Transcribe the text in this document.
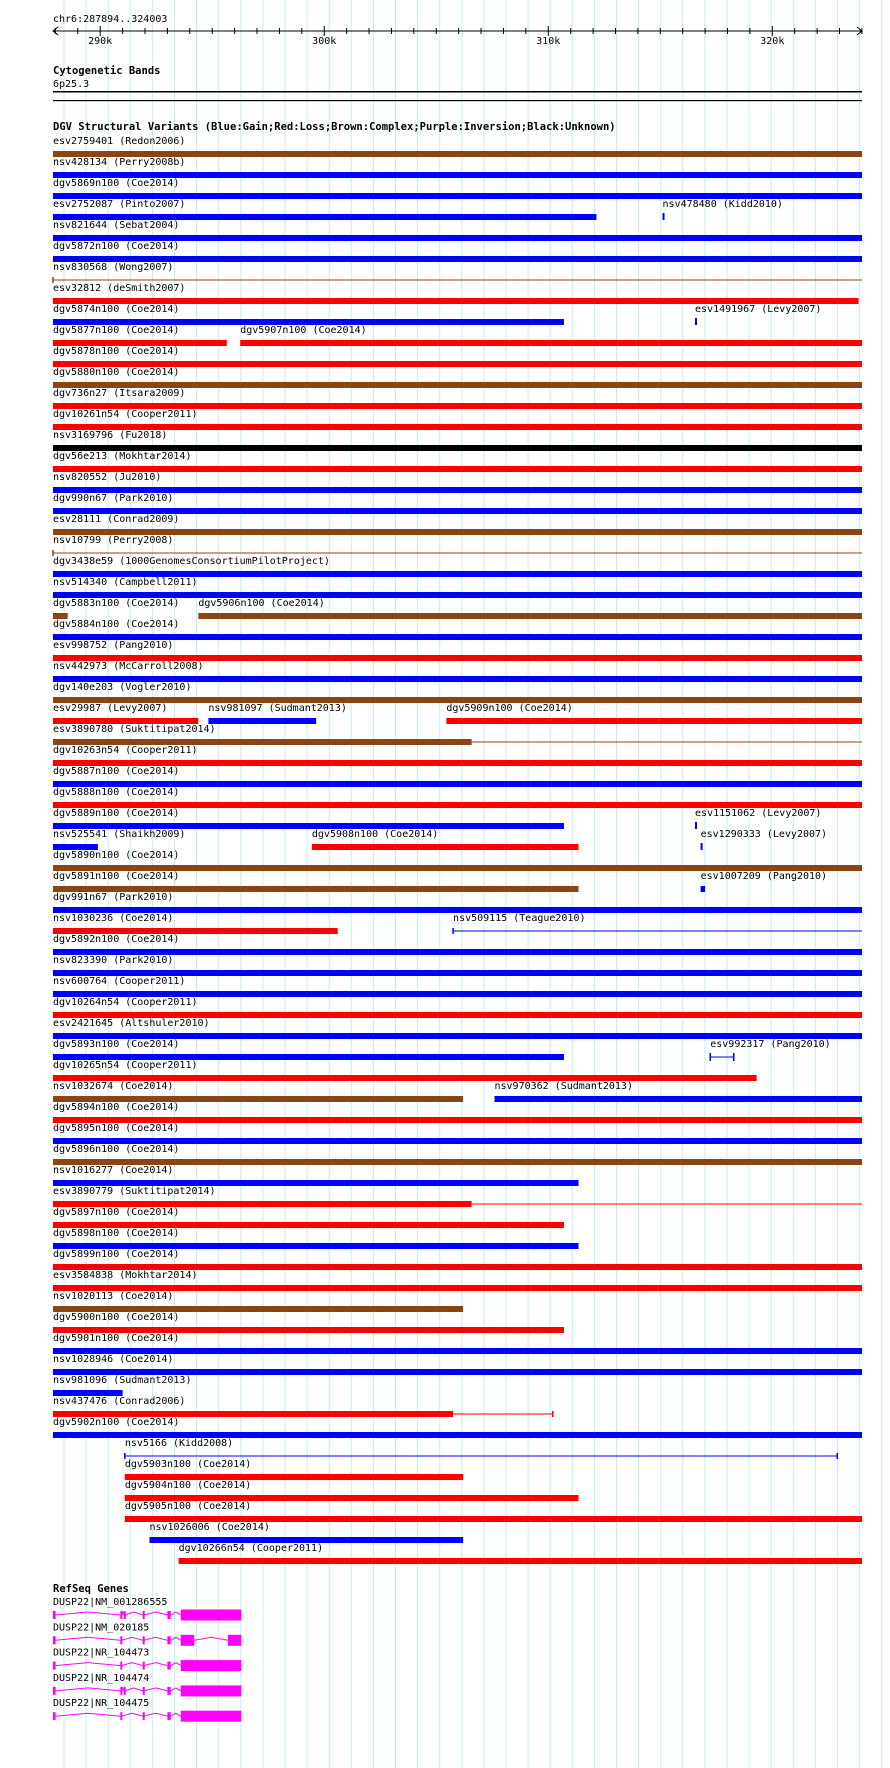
chr6:287894..324003
290k	300k	310k	320k
Cytogenetic Bands
6p25.3
DGV Structural Variants (Blue:Gain;Red:Loss;Brown:Complex;Purple:Inversion;Black:Unknown)
esv2759401 (Redon2006)
nsv428134 (Perry2008b)
dgv5869n100 (Coe2014)
esv2752087 (Pinto2007)	nsv478480 (Kidd2010)
nsv821644 (Sebat2004)
dgv5872n100 (Coe2014)
nsv830568 (Wong2007)
esv32812 (deSmith2007)
dgv5874n100 (Coe2014)	esv1491967 (Levy2007)
dgv5877n100 (Coe2014)	dgv5907n100 (Coe2014)
dgv5878n100 (Coe2014)
dgv5880n100 (Coe2014)
dgv736n27 (Itsara2009)
dgv10261n54 (Cooper2011)
nsv3169796 (Fu2018)
dgv56e213 (Mokhtar2014)
nsv820552 (Ju2010)
dgv990n67 (Park2010)
esv28111 (Conrad2009)
nsv10799 (Perry2008)
dgv3438e59 (1000GenomesConsortiumPilotProject)
nsv514340 (Campbell2011)
dgv5883n100 (Coe2014) dgv5906n100 (Coe2014)
dgv5884n100 (Coe2014)
esv998752 (Pang2010)
nsv442973 (McCarroll2008)
dgv140e203 (Vogler2010)
esv29987 (Levy2007)	nsv981097 (Sudmant2013)	dgv5909n100 (Coe2014)
esv3890780 (Suktitipat2014)
dgv10263n54 (Cooper2011)
dgv5887n100 (Coe2014)
dgv5888n100 (Coe2014)
dgv5889n100 (Coe2014)	esv1151062 (Levy2007)
nsv525541 (Shaikh2009)	dgv5908n100 (Coe2014)	esv1290333 (Levy2007)
dgv5890n100 (Coe2014)
dgv5891n100 (Coe2014)	esv1007209 (Pang2010)
dgv991n67 (Park2010)
nsv1030236 (Coe2014)	nsv509115 (Teague2010)
dgv5892n100 (Coe2014)
nsv823390 (Park2010)
nsv600764 (Cooper2011)
dgv10264n54 (Cooper2011)
esv2421645 (Altshuler2010)
dgv5893n100 (Coe2014)	esv992317 (Pang2010)
dgv10265n54 (Cooper2011)
nsv1032674 (Coe2014)	nsv970362 (Sudmant2013)
dgv5894n100 (Coe2014)
dgv5895n100 (Coe2014)
dgv5896n100 (Coe2014)
nsv1016277 (Coe2014)
esv3890779 (Suktitipat2014)
dgv5897n100 (Coe2014)
dgv5898n100 (Coe2014)
dgv5899n100 (Coe2014)
esv3584838 (Mokhtar2014)
nsv1020113 (Coe2014)
dgv5900n100 (Coe2014)
dgv5901n100 (Coe2014)
nsv1028946 (Coe2014)
nsv981096 (Sudmant2013)
nsv437476 (Conrad2006)
dgv5902n100 (Coe2014)
nsv5166 (Kidd2008)
dgv5903n100 (Coe2014)
dgv5904n100 (Coe2014)
dgv5905n100 (Coe2014)
nsv1026006 (Coe2014)
dgv10266n54 (Cooper2011)
RefSeq Genes
DUSP22|NM_001286555
DUSP22|NM_020185
DUSP22|NR_104473
DUSP22|NR_104474
DUSP22|NR_104475
